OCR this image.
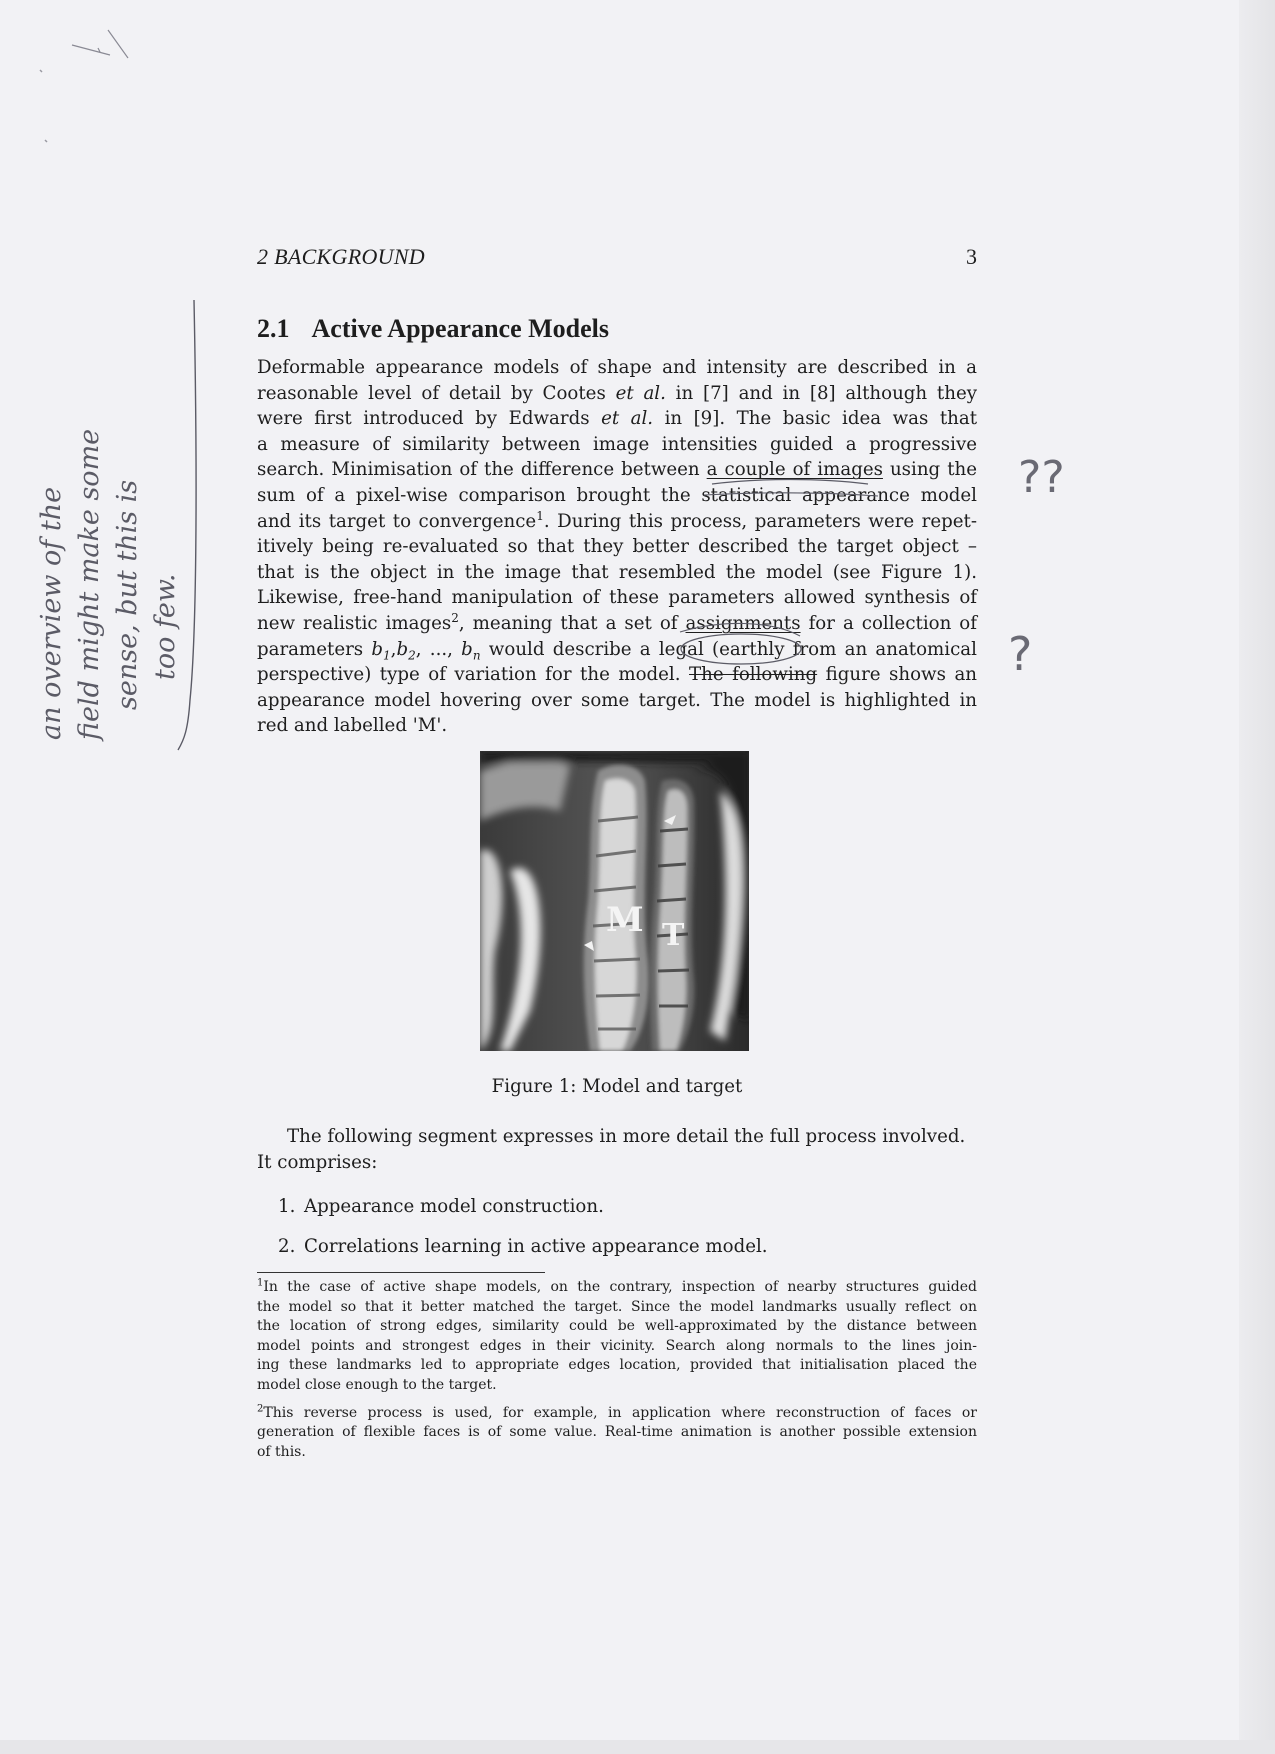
2 BACKGROUND	3
2.1 Active Appearance Models
Deformable appearance models of shape and intensity are described in a
reasonable level of detail by Cootes et al. in [7] and in [8] although they
were first introduced by Edwards et al. in [9]. The basic idea was that
a measure of similarity between image intensities guided a progressive
search. Minimisation of the difference between a couple of images using the
sum of a pixel-wise comparison brought the statistical appearance model
and its target to convergence$^1$. During this process, parameters were repet-
itively being re-evaluated so that they better described the target object –
that is the object in the image that resembled the model (see Figure 1).
Likewise, free-hand manipulation of these parameters allowed synthesis of
new realistic images$^2$, meaning that a set of assignments for a collection of
parameters $b_1,b_2$, ..., $b_n$ would describe a legal (earthly from an anatomical
perspective) type of variation for the model. The following figure shows an
appearance model hovering over some target. The model is highlighted in
red and labelled 'M'.
M T
Figure 1: Model and target
The following segment expresses in more detail the full process involved.
It comprises:
1. Appearance model construction.
2. Correlations learning in active appearance model.

$^1$In the case of active shape models, on the contrary, inspection of nearby structures guided
the model so that it better matched the target. Since the model landmarks usually reflect on
the location of strong edges, similarity could be well-approximated by the distance between
model points and strongest edges in their vicinity. Search along normals to the lines join-
ing these landmarks led to appropriate edges location, provided that initialisation placed the
model close enough to the target.

$^2$This reverse process is used, for example, in application where reconstruction of faces or
generation of flexible faces is of some value. Real-time animation is another possible extension
of this.

an overview of the field might make some sense, but this is too few.
??
?
